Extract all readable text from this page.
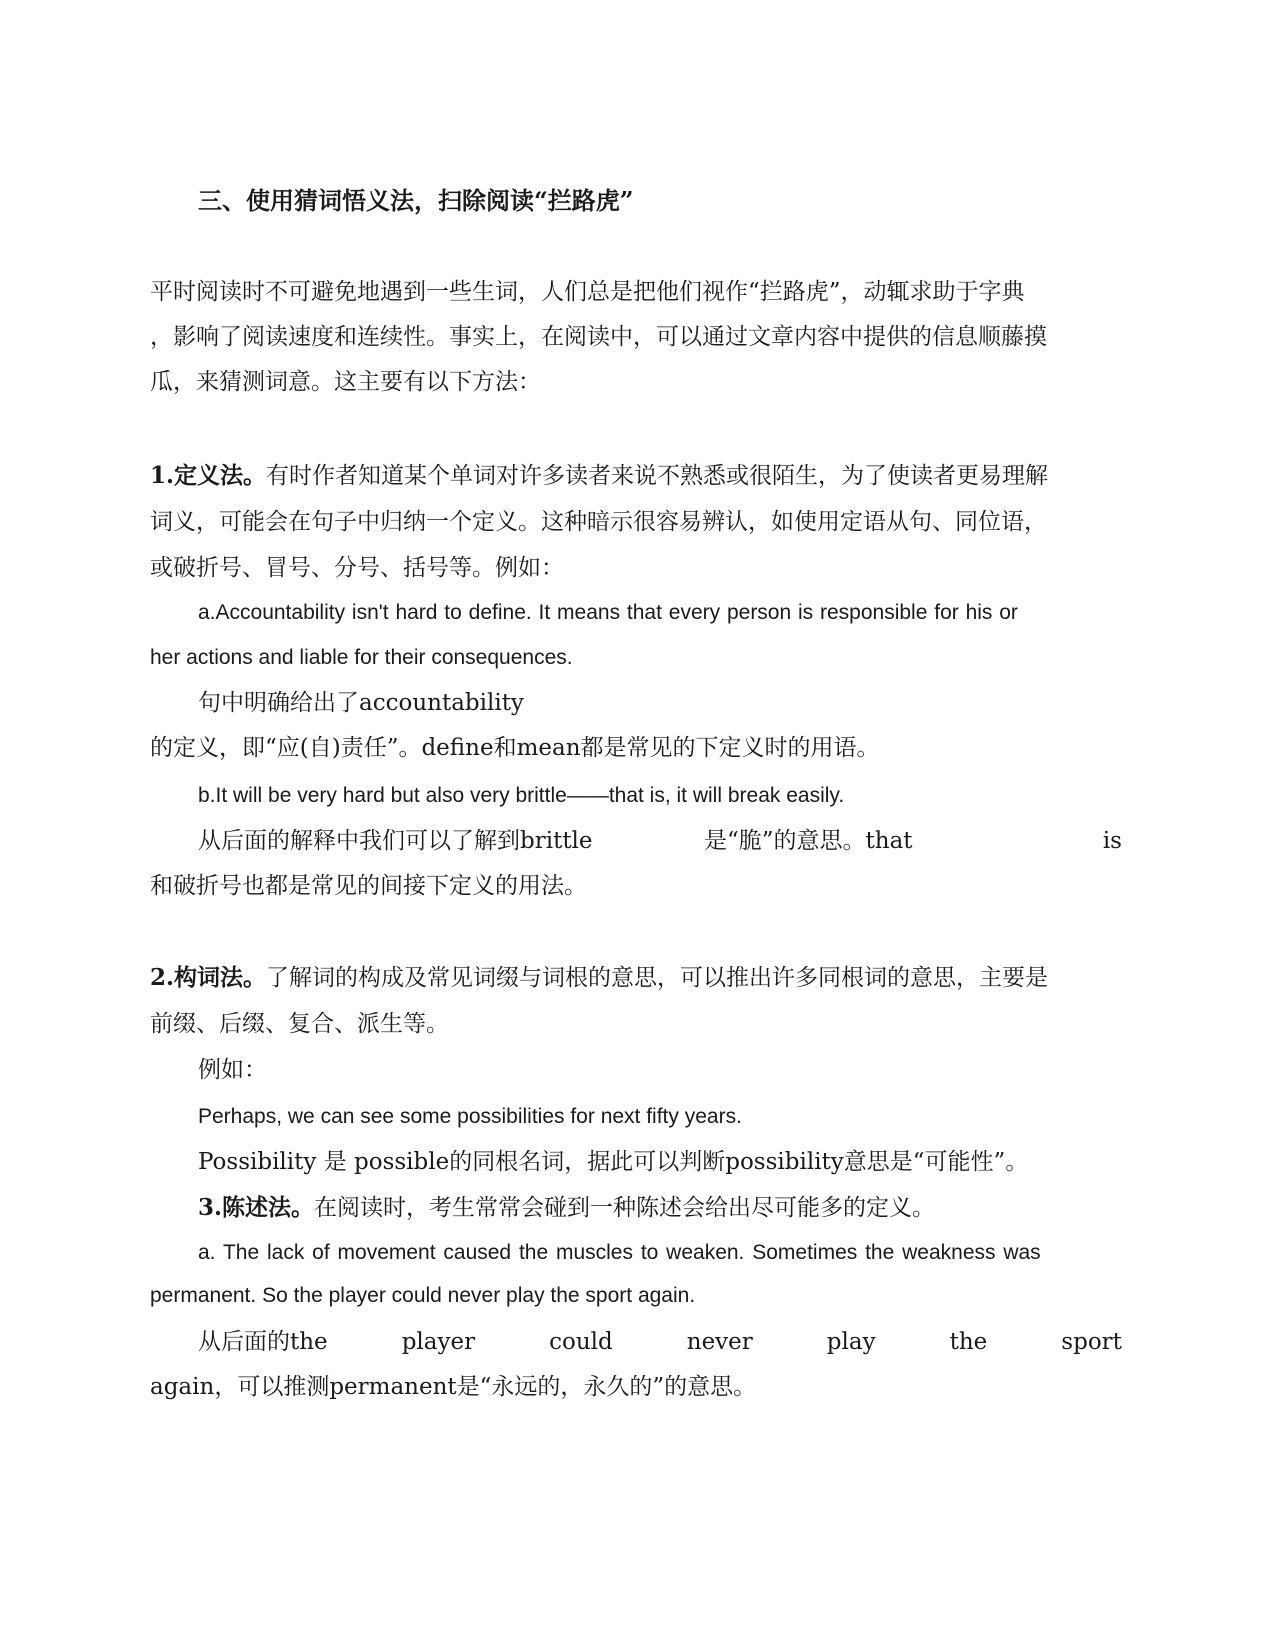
三、使用猜词悟义法，扫除阅读“拦路虎”
平时阅读时不可避免地遇到一些生词，人们总是把他们视作“拦路虎”，动辄求助于字典
，影响了阅读速度和连续性。事实上，在阅读中，可以通过文章内容中提供的信息顺藤摸
瓜，来猜测词意。这主要有以下方法：
1.定义法。有时作者知道某个单词对许多读者来说不熟悉或很陌生，为了使读者更易理解
词义，可能会在句子中归纳一个定义。这种暗示很容易辨认，如使用定语从句、同位语，
或破折号、冒号、分号、括号等。例如：
a.Accountability isn't hard to define. It means that every person is responsible for his or
her actions and liable for their consequences.
句中明确给出了accountability
的定义，即“应(自)责任”。define和mean都是常见的下定义时的用语。
b.It will be very hard but also very brittle——that is, it will break easily.
从后面的解释中我们可以了解到brittle	是“脆”的意思。that	is
和破折号也都是常见的间接下定义的用法。
2.构词法。了解词的构成及常见词缀与词根的意思，可以推出许多同根词的意思，主要是
前缀、后缀、复合、派生等。
例如：
Perhaps, we can see some possibilities for next fifty years.
Possibility 是 possible的同根名词，据此可以判断possibility意思是“可能性”。
3.陈述法。在阅读时，考生常常会碰到一种陈述会给出尽可能多的定义。
a. The lack of movement caused the muscles to weaken. Sometimes the weakness was
permanent. So the player could never play the sport again.
从后面的the	player	could	never	play	the	sport
again，可以推测permanent是“永远的，永久的”的意思。
